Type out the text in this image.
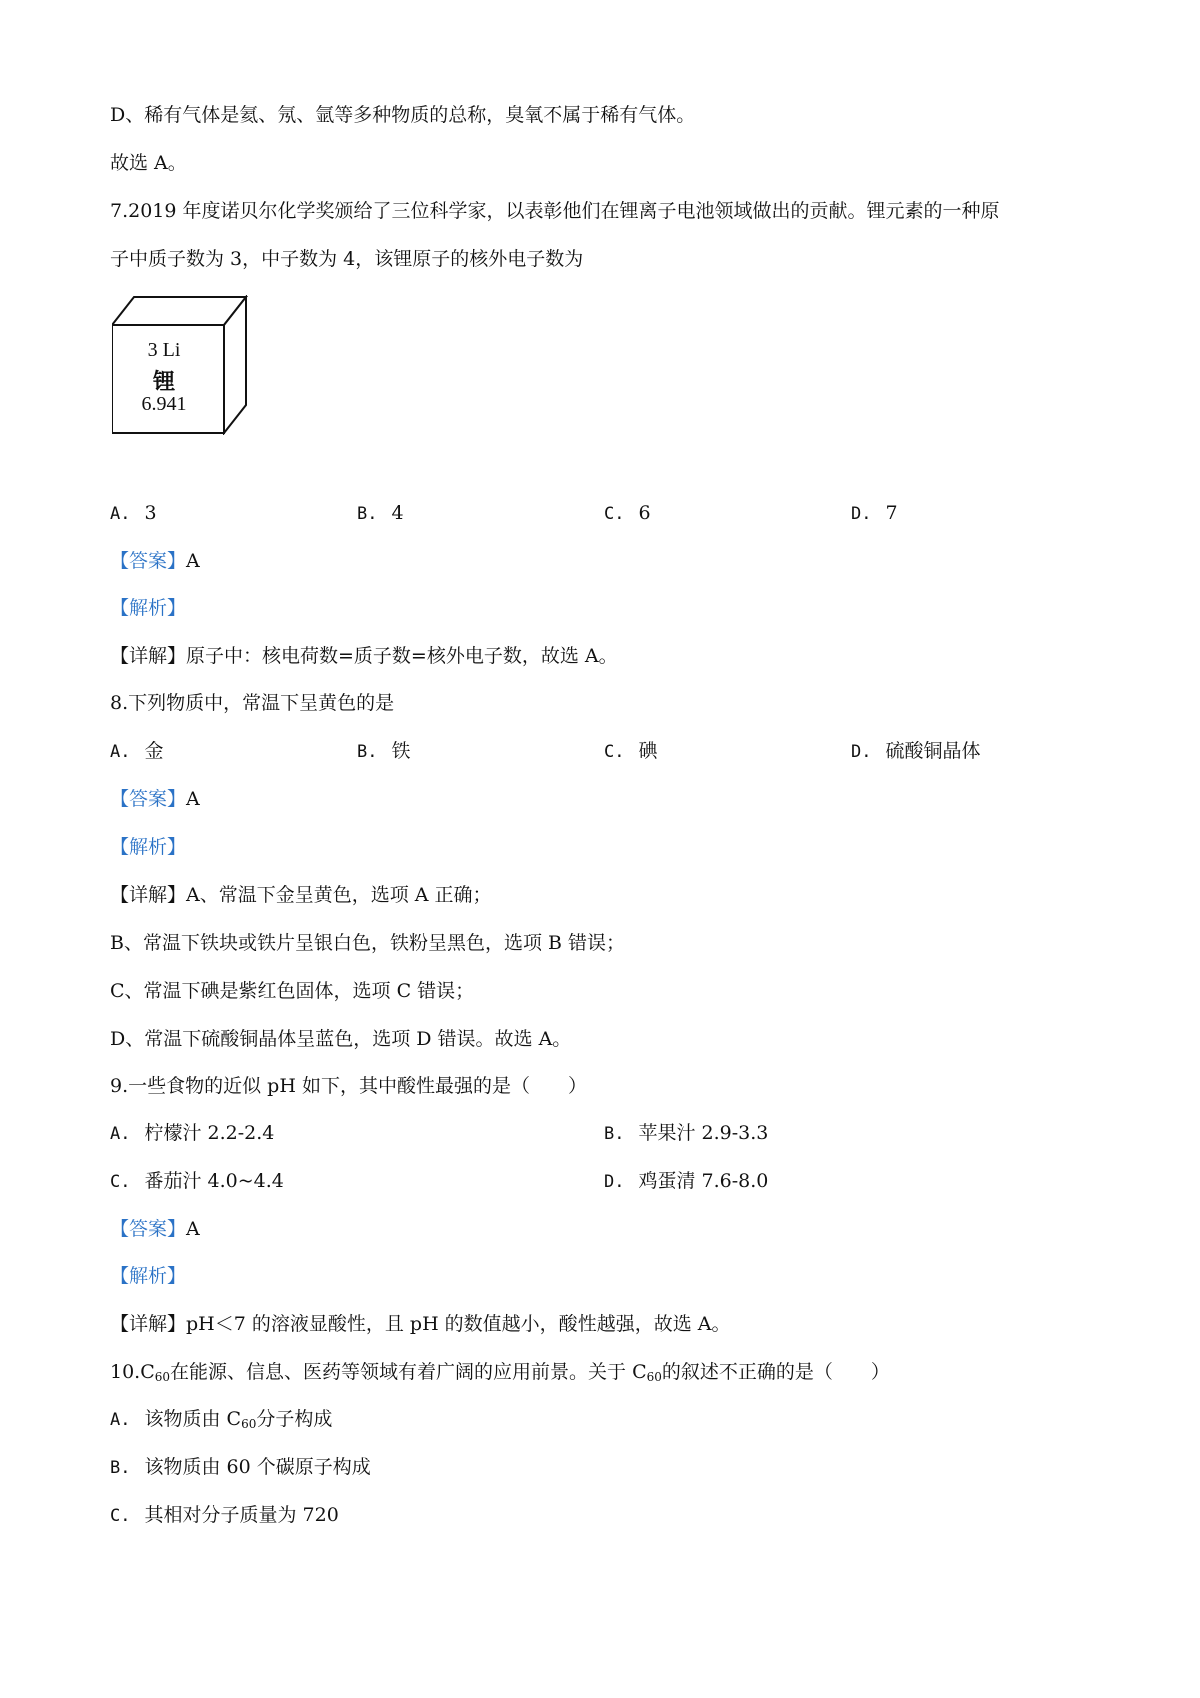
D、稀有气体是氦、氖、氩等多种物质的总称，臭氧不属于稀有气体。
故选 A。
7.2019 年度诺贝尔化学奖颁给了三位科学家，以表彰他们在锂离子电池领域做出的贡献。锂元素的一种原
子中质子数为 3，中子数为 4，该锂原子的核外电子数为
3 Li
锂
6.941
A. 3	B. 4	C. 6	D. 7
【答案】A
【解析】
【详解】原子中：核电荷数=质子数=核外电子数，故选 A。
8.下列物质中，常温下呈黄色的是
A. 金	B. 铁	C. 碘	D. 硫酸铜晶体
【答案】A
【解析】
【详解】A、常温下金呈黄色，选项 A 正确；
B、常温下铁块或铁片呈银白色，铁粉呈黑色，选项 B 错误；
C、常温下碘是紫红色固体，选项 C 错误；
D、常温下硫酸铜晶体呈蓝色，选项 D 错误。故选 A。
9.一些食物的近似 pH 如下，其中酸性最强的是（　　）
A. 柠檬汁 2.2-2.4	B. 苹果汁 2.9-3.3
C. 番茄汁 4.0~4.4	D. 鸡蛋清 7.6-8.0
【答案】A
【解析】
【详解】pH＜7 的溶液显酸性，且 pH 的数值越小，酸性越强，故选 A。
$10.C_{60}$在能源、信息、医药等领域有着广阔的应用前景。关于 $C_{60}$的叙述不正确的是（　　）
A. 该物质由 $C_{60}$分子构成
B. 该物质由 60 个碳原子构成
C. 其相对分子质量为 720
